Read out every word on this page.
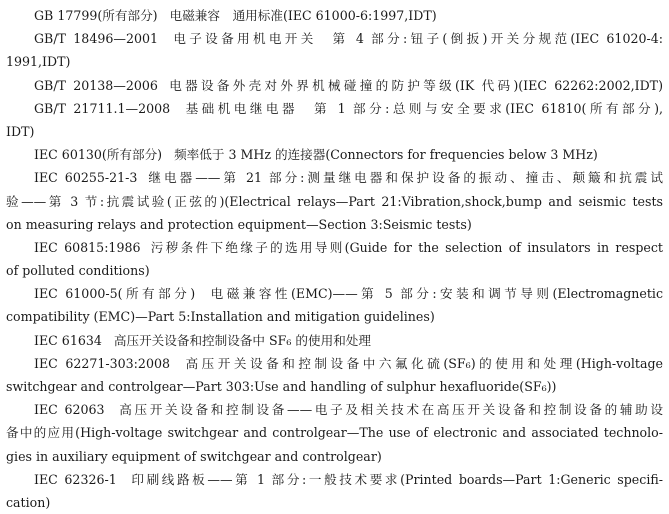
GB 17799(所有部分) 电磁兼容　通用标准(IEC 61000-6:1997,IDT)
GB/T 18496—2001 电子设备用机电开关　第 4 部分:钮子(倒扳)开关分规范(IEC 61020-4:
1991,IDT)
GB/T 20138—2006 电器设备外壳对外界机械碰撞的防护等级(IK 代码)(IEC 62262:2002,IDT)
GB/T 21711.1—2008 基础机电继电器　第 1 部分:总则与安全要求(IEC 61810(所有部分),
IDT)
IEC 60130(所有部分) 频率低于 3 MHz 的连接器(Connectors for frequencies below 3 MHz)
IEC 60255-21-3 继电器——第 21 部分:测量继电器和保护设备的振动、撞击、颠簸和抗震试
验——第 3 节:抗震试验(正弦的)(Electrical relays—Part 21:Vibration,shock,bump and seismic tests
on measuring relays and protection equipment—Section 3:Seismic tests)
IEC 60815:1986 污秽条件下绝缘子的选用导则(Guide for the selection of insulators in respect
of polluted conditions)
IEC 61000-5(所有部分) 电磁兼容性(EMC)——第 5 部分:安装和调节导则(Electromagnetic
compatibility (EMC)—Part 5:Installation and mitigation guidelines)
IEC 61634 高压开关设备和控制设备中 SF₆ 的使用和处理
IEC 62271-303:2008 高压开关设备和控制设备中六氟化硫(SF₆)的使用和处理(High-voltage
switchgear and controlgear—Part 303:Use and handling of sulphur hexafluoride(SF₆))
IEC 62063 高压开关设备和控制设备——电子及相关技术在高压开关设备和控制设备的辅助设
备中的应用(High-voltage switchgear and controlgear—The use of electronic and associated technolo-
gies in auxiliary equipment of switchgear and controlgear)
IEC 62326-1 印刷线路板——第 1 部分:一般技术要求(Printed boards—Part 1:Generic specifi-
cation)
